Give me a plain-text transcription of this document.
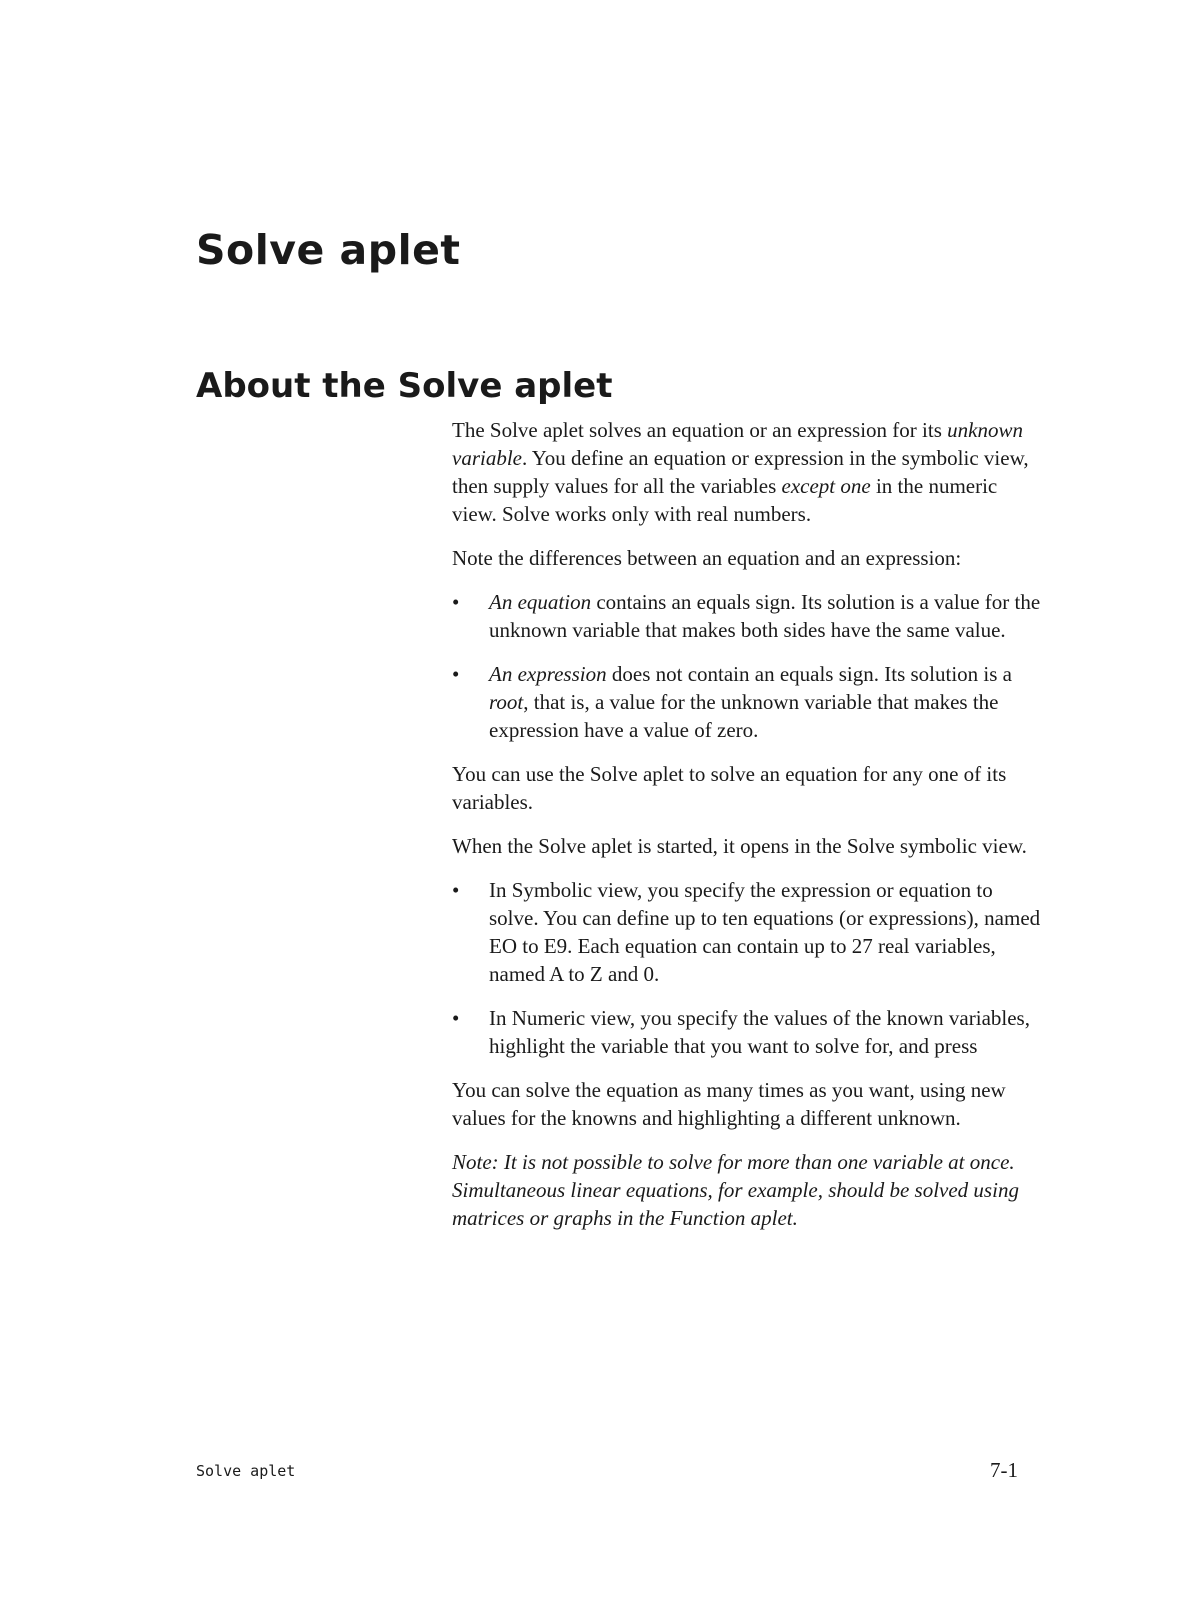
Solve aplet
About the Solve aplet

The Solve aplet solves an equation or an expression for its unknown variable. You define an equation or expression in the symbolic view, then supply values for all the variables except one in the numeric view. Solve works only with real numbers.

Note the differences between an equation and an expression:

•	An equation contains an equals sign. Its solution is a value for the unknown variable that makes both sides have the same value.
•	An expression does not contain an equals sign. Its solution is a root, that is, a value for the unknown variable that makes the expression have a value of zero.

You can use the Solve aplet to solve an equation for any one of its variables.

When the Solve aplet is started, it opens in the Solve symbolic view.

•	In Symbolic view, you specify the expression or equation to solve. You can define up to ten equations (or expressions), named EO to E9. Each equation can contain up to 27 real variables, named A to Z and 0.
•	In Numeric view, you specify the values of the known variables, highlight the variable that you want to solve for, and press

You can solve the equation as many times as you want, using new values for the knowns and highlighting a different unknown.

Note: It is not possible to solve for more than one variable at once. Simultaneous linear equations, for example, should be solved using matrices or graphs in the Function aplet.

Solve aplet	7-1
